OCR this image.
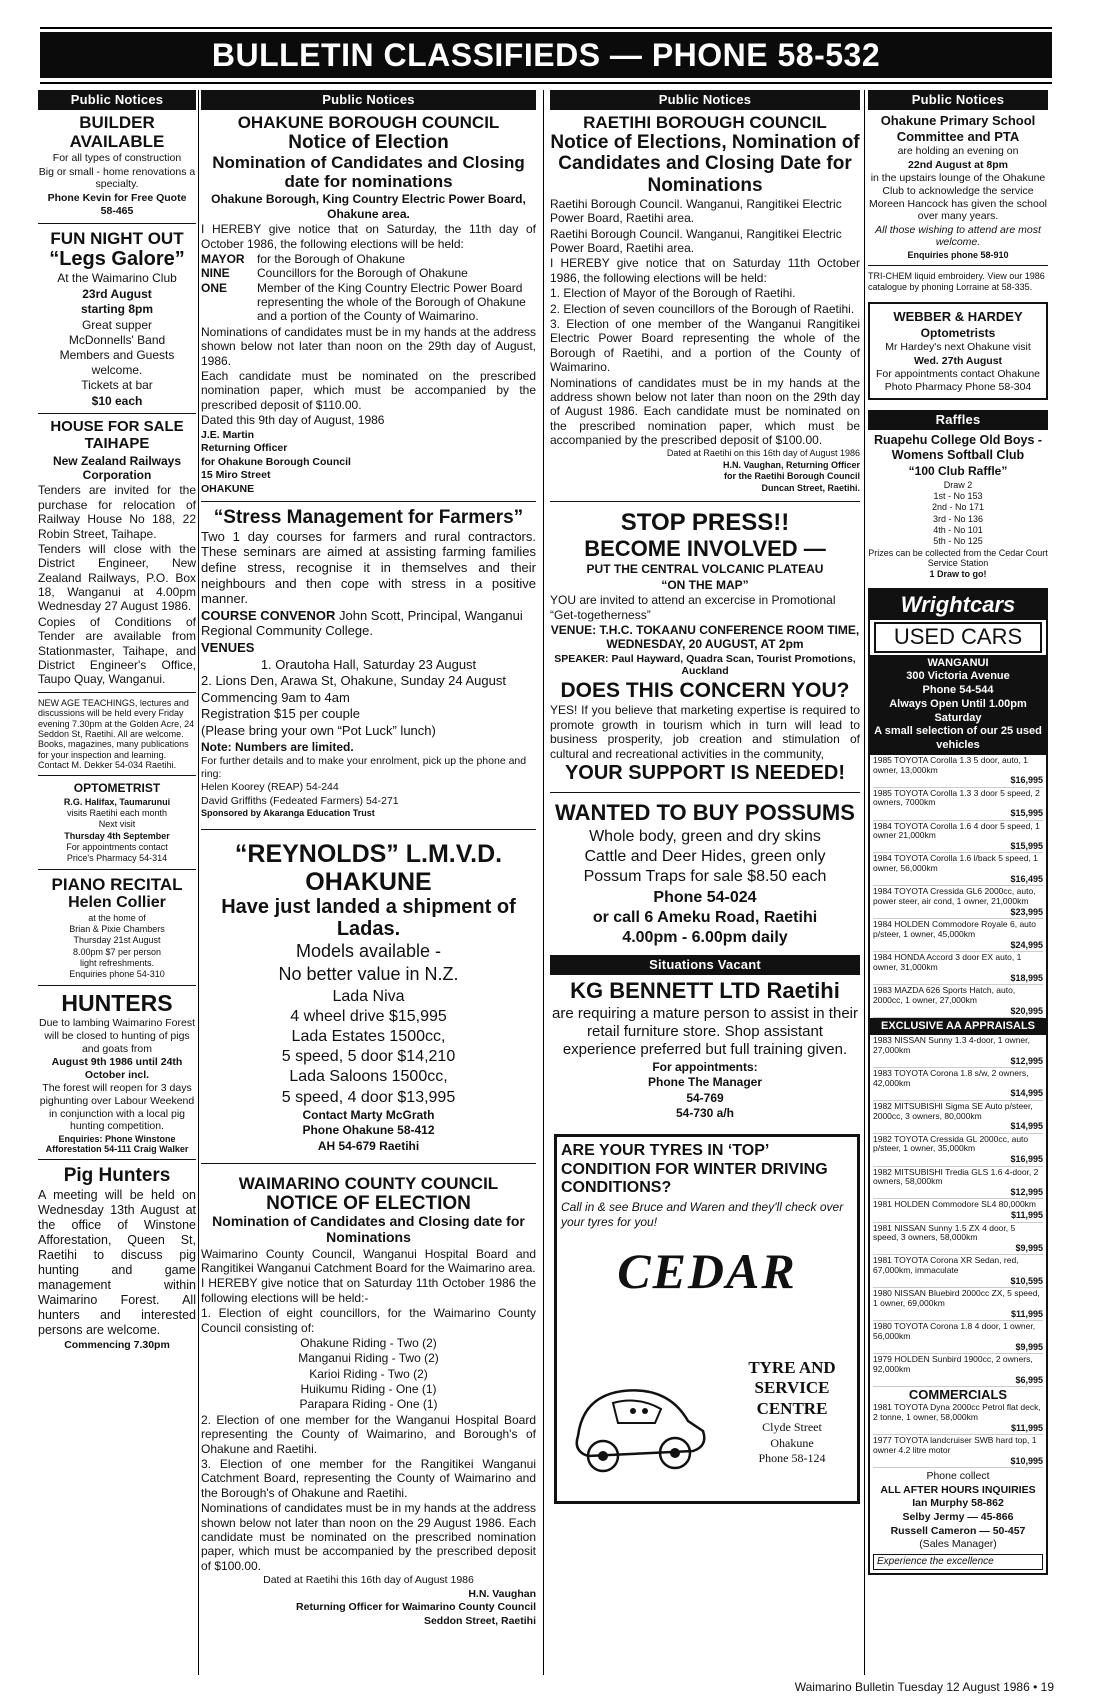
BULLETIN CLASSIFIEDS — PHONE 58-532
Public Notices
BUILDER AVAILABLE

For all types of construction

Big or small - home renovations a specialty.

Phone Kevin for Free Quote

58-465

FUN NIGHT OUT
“Legs Galore”

At the Waimarino Club

23rd August

starting 8pm

Great supper

McDonnells' Band

Members and Guests welcome.

Tickets at bar

$10 each

HOUSE FOR SALE TAIHAPE

New Zealand Railways Corporation

Tenders are invited for the purchase for relocation of Railway House No 188, 22 Robin Street, Taihape.

Tenders will close with the District Engineer, New Zealand Railways, P.O. Box 18, Wanganui at 4.00pm Wednesday 27 August 1986.

Copies of Conditions of Tender are available from Stationmaster, Taihape, and District Engineer's Office, Taupo Quay, Wanganui.

NEW AGE TEACHINGS, lectures and discussions will be held every Friday evening 7.30pm at the Golden Acre, 24 Seddon St, Raetihi. All are welcome. Books, magazines, many publications for your inspection and learning. Contact M. Dekker 54-034 Raetihi.

OPTOMETRIST

R.G. Halifax, Taumarunui

visits Raetihi each month

Next visit

Thursday 4th September

For appointments contact

Price's Pharmacy 54-314

PIANO RECITAL
Helen Collier

at the home of

Brian & Pixie Chambers

Thursday 21st August

8.00pm $7 per person

light refreshments.

Enquiries phone 54-310

HUNTERS

Due to lambing Waimarino Forest will be closed to hunting of pigs and goats from

August 9th 1986 until 24th October incl.

The forest will reopen for 3 days pighunting over Labour Weekend in conjunction with a local pig hunting competition.

Enquiries: Phone Winstone Afforestation 54-111 Craig Walker

Pig Hunters

A meeting will be held on Wednesday 13th August at the office of Winstone Afforestation, Queen St, Raetihi to discuss pig hunting and game management within Waimarino Forest. All hunters and interested persons are welcome.

Commencing 7.30pm

Public Notices
OHAKUNE BOROUGH COUNCIL
Notice of Election
Nomination of Candidates and Closing date for nominations

Ohakune Borough, King Country Electric Power Board, Ohakune area.

I HEREBY give notice that on Saturday, the 11th day of October 1986, the following elections will be held:

MAYOR	for the Borough of Ohakune
NINE	Councillors for the Borough of Ohakune
ONE	Member of the King Country Electric Power Board representing the whole of the Borough of Ohakune and a portion of the County of Waimarino.

Nominations of candidates must be in my hands at the address shown below not later than noon on the 29th day of August, 1986.

Each candidate must be nominated on the prescribed nomination paper, which must be accompanied by the prescribed deposit of $110.00.

Dated this 9th day of August, 1986

J.E. Martin

Returning Officer

for Ohakune Borough Council

15 Miro Street

OHAKUNE

“Stress Management for Farmers”

Two 1 day courses for farmers and rural contractors. These seminars are aimed at assisting farming families define stress, recognise it in themselves and their neighbours and then cope with stress in a positive manner.

COURSE CONVENOR John Scott, Principal, Wanganui Regional Community College.

VENUES

1. Orautoha Hall, Saturday 23 August

2. Lions Den, Arawa St, Ohakune, Sunday 24 August

Commencing 9am to 4am

Registration $15 per couple

(Please bring your own “Pot Luck” lunch)

Note: Numbers are limited.

For further details and to make your enrolment, pick up the phone and ring:

Helen Koorey (REAP) 54-244

David Griffiths (Fedeated Farmers) 54-271

Sponsored by Akaranga Education Trust

“REYNOLDS” L.M.V.D. OHAKUNE
Have just landed a shipment of Ladas.

Models available -

No better value in N.Z.

Lada Niva

4 wheel drive $15,995

Lada Estates 1500cc,

5 speed, 5 door $14,210

Lada Saloons 1500cc,

5 speed, 4 door $13,995

Contact Marty McGrath

Phone Ohakune 58-412

AH 54-679 Raetihi

WAIMARINO COUNTY COUNCIL
NOTICE OF ELECTION
Nomination of Candidates and Closing date for Nominations

Waimarino County Council, Wanganui Hospital Board and Rangitikei Wanganui Catchment Board for the Waimarino area.

I HEREBY give notice that on Saturday 11th October 1986 the following elections will be held:-

1. Election of eight councillors, for the Waimarino County Council consisting of:

Ohakune Riding - Two (2)

Manganui Riding - Two (2)

Karioi Riding - Two (2)

Huikumu Riding - One (1)

Parapara Riding - One (1)

2. Election of one member for the Wanganui Hospital Board representing the County of Waimarino, and Borough's of Ohakune and Raetihi.

3. Election of one member for the Rangitikei Wanganui Catchment Board, representing the County of Waimarino and the Borough's of Ohakune and Raetihi.

Nominations of candidates must be in my hands at the address shown below not later than noon on the 29 August 1986. Each candidate must be nominated on the prescribed nomination paper, which must be accompanied by the prescribed deposit of $100.00.

Dated at Raetihi this 16th day of August 1986

H.N. Vaughan

Returning Officer for Waimarino County Council

Seddon Street, Raetihi

Public Notices
RAETIHI BOROUGH COUNCIL
Notice of Elections, Nomination of Candidates and Closing Date for Nominations

Raetihi Borough Council. Wanganui, Rangitikei Electric Power Board, Raetihi area.

Raetihi Borough Council. Wanganui, Rangitikei Electric Power Board, Raetihi area.

I HEREBY give notice that on Saturday 11th October 1986, the following elections will be held:

1. Election of Mayor of the Borough of Raetihi.

2. Election of seven councillors of the Borough of Raetihi.

3. Election of one member of the Wanganui Rangitikei Electric Power Board representing the whole of the Borough of Raetihi, and a portion of the County of Waimarino.

Nominations of candidates must be in my hands at the address shown below not later than noon on the 29th day of August 1986. Each candidate must be nominated on the prescribed nomination paper, which must be accompanied by the prescribed deposit of $100.00.

Dated at Raetihi on this 16th day of August 1986

H.N. Vaughan, Returning Officer

for the Raetihi Borough Council

Duncan Street, Raetihi.

STOP PRESS!!
BECOME INVOLVED —

PUT THE CENTRAL VOLCANIC PLATEAU

“ON THE MAP”

YOU are invited to attend an excercise in Promotional “Get-togetherness”

VENUE: T.H.C. TOKAANU CONFERENCE ROOM TIME, WEDNESDAY, 20 AUGUST, AT 2pm

SPEAKER: Paul Hayward, Quadra Scan, Tourist Promotions, Auckland

DOES THIS CONCERN YOU?

YES! If you believe that marketing expertise is required to promote growth in tourism which in turn will lead to business prosperity, job creation and stimulation of cultural and recreational activities in the community,

YOUR SUPPORT IS NEEDED!
WANTED TO BUY POSSUMS

Whole body, green and dry skins

Cattle and Deer Hides, green only

Possum Traps for sale $8.50 each

Phone 54-024

or call 6 Ameku Road, Raetihi

4.00pm - 6.00pm daily

Situations Vacant
KG BENNETT LTD Raetihi

are requiring a mature person to assist in their retail furniture store. Shop assistant experience preferred but full training given.

For appointments:

Phone The Manager

54-769

54-730 a/h

ARE YOUR TYRES IN ‘TOP’ CONDITION FOR WINTER DRIVING CONDITIONS?

Call in & see Bruce and Waren and they'll check over your tyres for you!

CEDAR

TYRE AND SERVICE CENTRE

Clyde Street

Ohakune

Phone 58-124

Public Notices

Ohakune Primary School Committee and PTA

are holding an evening on

22nd August at 8pm

in the upstairs lounge of the Ohakune Club to acknowledge the service Moreen Hancock has given the school over many years.

All those wishing to attend are most welcome.

Enquiries phone 58-910

TRI-CHEM liquid embroidery. View our 1986 catalogue by phoning Lorraine at 58-335.

WEBBER & HARDEY

Optometrists

Mr Hardey's next Ohakune visit

Wed. 27th August

For appointments contact Ohakune Photo Pharmacy Phone 58-304

Raffles

Ruapehu College Old Boys - Womens Softball Club

“100 Club Raffle”

Draw 2

1st - No 153

2nd - No 171

3rd - No 136

4th - No 101

5th - No 125

Prizes can be collected from the Cedar Court Service Station

1 Draw to go!

Wrightcars
USED CARS
WANGANUI
300 Victoria Avenue
Phone 54-544
Always Open Until 1.00pm Saturday
A small selection of our 25 used vehicles
1985 TOYOTA Corolla 1.3 5 door, auto, 1 owner, 13,000km
$16,995
1985 TOYOTA Corolla 1.3 3 door 5 speed, 2 owners, 7000km
$15,995
1984 TOYOTA Corolla 1.6 4 door 5 speed, 1 owner 21,000km
$15,995
1984 TOYOTA Corolla 1.6 l/back 5 speed, 1 owner, 56,000km
$16,495
1984 TOYOTA Cressida GL6 2000cc, auto, power steer, air cond, 1 owner, 21,000km
$23,995
1984 HOLDEN Commodore Royale 6, auto p/steer, 1 owner, 45,000km
$24,995
1984 HONDA Accord 3 door EX auto, 1 owner, 31,000km
$18,995
1983 MAZDA 626 Sports Hatch, auto, 2000cc, 1 owner, 27,000km
$20,995
EXCLUSIVE AA APPRAISALS
1983 NISSAN Sunny 1.3 4-door, 1 owner, 27,000km
$12,995
1983 TOYOTA Corona 1.8 s/w, 2 owners, 42,000km
$14,995
1982 MITSUBISHI Sigma SE Auto p/steer, 2000cc, 3 owners, 80,000km
$14,995
1982 TOYOTA Cressida GL 2000cc, auto p/steer, 1 owner, 35,000km
$16,995
1982 MITSUBISHI Tredia GLS 1.6 4-door, 2 owners, 58,000km
$12,995
1981 HOLDEN Commodore SL4 80,000km
$11,995
1981 NISSAN Sunny 1.5 ZX 4 door, 5 speed, 3 owners, 58,000km
$9,995
1981 TOYOTA Corona XR Sedan, red, 67,000km, immaculate
$10,595
1980 NISSAN Bluebird 2000cc ZX, 5 speed, 1 owner, 69,000km
$11,995
1980 TOYOTA Corona 1.8 4 door, 1 owner, 56,000km
$9,995
1979 HOLDEN Sunbird 1900cc, 2 owners, 92,000km
$6,995
COMMERCIALS
1981 TOYOTA Dyna 2000cc Petrol flat deck, 2 tonne, 1 owner, 58,000km
$11,995
1977 TOYOTA landcruiser SWB hard top, 1 owner 4.2 litre motor
$10,995

Phone collect

ALL AFTER HOURS INQUIRIES

Ian Murphy 58-862

Selby Jermy — 45-866

Russell Cameron — 50-457

(Sales Manager)

Experience the excellence
Waimarino Bulletin Tuesday 12 August 1986 • 19
